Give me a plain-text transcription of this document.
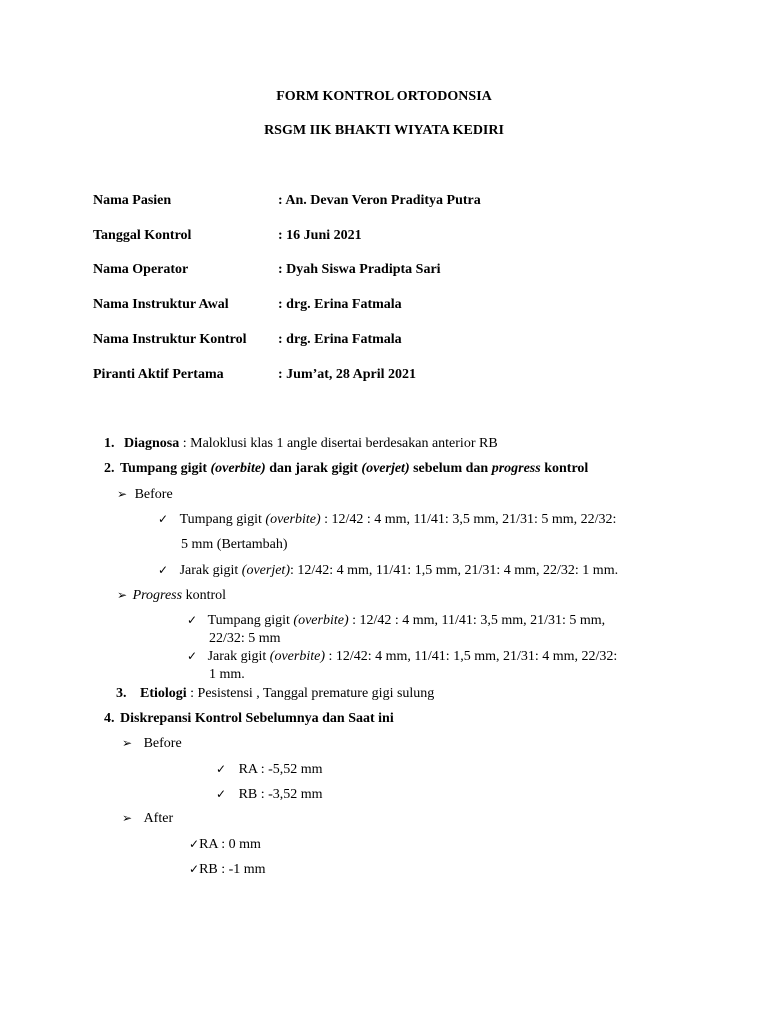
FORM KONTROL ORTODONSIA
RSGM IIK BHAKTI WIYATA KEDIRI
Nama Pasien	: An. Devan Veron Praditya Putra
Tanggal Kontrol	: 16 Juni 2021
Nama Operator	: Dyah Siswa Pradipta Sari
Nama Instruktur Awal	: drg. Erina Fatmala
Nama Instruktur Kontrol : drg. Erina Fatmala
Piranti Aktif Pertama	: Jum’at, 28 April 2021
1. Diagnosa : Maloklusi klas 1 angle disertai berdesakan anterior RB
2. Tumpang gigit (overbite) dan jarak gigit (overjet) sebelum dan progress kontrol
➢ Before
✓ Tumpang gigit (overbite) : 12/42 : 4 mm, 11/41: 3,5 mm, 21/31: 5 mm, 22/32:
5 mm (Bertambah)
✓ Jarak gigit (overjet): 12/42: 4 mm, 11/41: 1,5 mm, 21/31: 4 mm, 22/32: 1 mm.
➢ Progress kontrol
✓ Tumpang gigit (overbite) : 12/42 : 4 mm, 11/41: 3,5 mm, 21/31: 5 mm,
22/32: 5 mm
✓ Jarak gigit (overbite) : 12/42: 4 mm, 11/41: 1,5 mm, 21/31: 4 mm, 22/32:
1 mm.
3. Etiologi : Pesistensi , Tanggal premature gigi sulung
4. Diskrepansi Kontrol Sebelumnya dan Saat ini
➢ Before
✓ RA : -5,52 mm
✓ RB : -3,52 mm
➢ After
✓RA : 0 mm
✓RB : -1 mm
